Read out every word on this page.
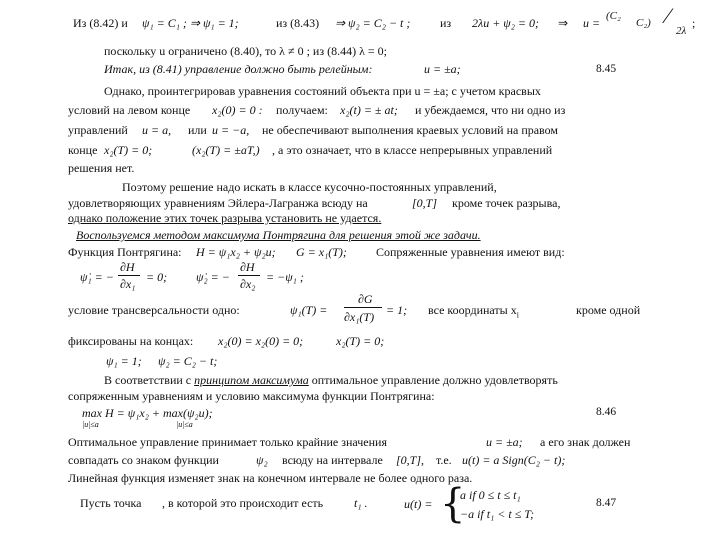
Из (8.42) и ψ₁ = C₁ ; ⇒ ψ₁ = 1;	из (8.43) ⇒ ψ₂ = C₂ − t ; из 2λu + ψ₂ = 0; ⇒ u = (C₂
C₂) ⁄
2λ
;
поскольку u ограничено (8.40), то λ ≠ 0 ; из (8.44) λ = 0;
Итак, из (8.41) управление должно быть релейным:	u = ±a;	8.45
Однако, проинтегрировав уравнения состояний объекта при u = ±a; с учетом красвых
условий на левом конце x₂(0) = 0 : получаем: x₂(t) = ± at; и убеждаемся, что ни одно из
управлений u = a, или u = −a, не обеспечивают выполнения краевых условий на правом
конце x₂(T) = 0;	(x₂(T) = ±aT,) , а это означает, что в классе непрерывных управлений
решения нет.
Поэтому решение надо искать в классе кусочно-постоянных управлений,
удовлетворяющих уравнениям Эйлера-Лагранжа всюду на	[0,T] кроме точек разрыва,
однако положение этих точек разрыва установить не удается.
Воспользуемся методом максимума Понтрягина для решения этой же задачи.
Функция Понтрягина: H = ψ₁x₂ + ψ₂u; G = x₁(T); Сопряженные уравнения имеют вид:
ψ̇₁ = −
∂H
∂x₁ = 0; ψ̇₂ = −
∂H
∂x₂ = −ψ₁ ;
условие трансверсальности одно:	ψ₁(T) =
∂G
∂x₁(T) = 1; все координаты $x_i$	кроме одной
фиксированы на концах: x₂(0) = x₂(0) = 0;	x₂(T) = 0;
ψ₁ = 1; ψ₂ = C₂ − t;
В соответствии с принципом максимума оптимальное управление должно удовлетворять
сопряженным уравнениям и условию максимума функции Понтрягина:
max H = ψ₁x₂ + max(ψ₂u);
|u|≤a	|u|≤a
8.46
Оптимальное управление принимает только крайние значения	u = ±a; а его знак должен
совпадать со знаком функции	ψ₂ всюду на интервале [0,T], т.е. u(t) = a Sign(C₂ − t);
Линейная функция изменяет знак на конечном интервале не более одного раза.
Пусть точка , в которой это происходит есть	t₁ .	u(t) = {
a if 0 ≤ t ≤ t₁
−a if t₁ < t ≤ T;
8.47
